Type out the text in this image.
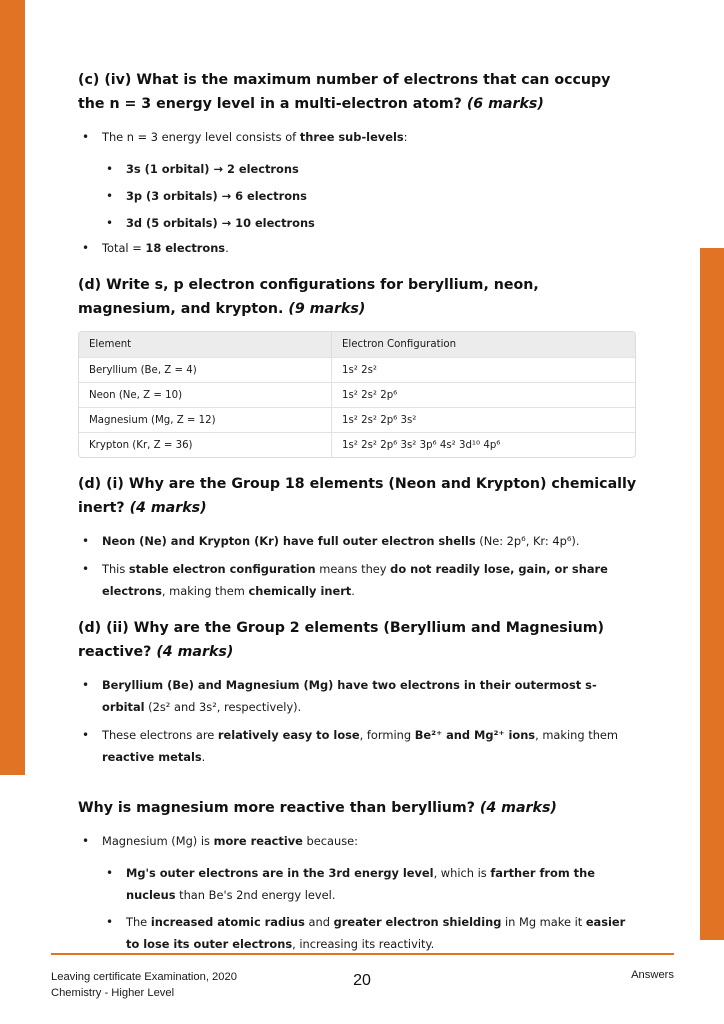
(c) (iv) What is the maximum number of electrons that can occupy the n = 3 energy level in a multi-electron atom? (6 marks)
• The n = 3 energy level consists of three sub-levels:
• 3s (1 orbital) → 2 electrons
• 3p (3 orbitals) → 6 electrons
• 3d (5 orbitals) → 10 electrons
• Total = 18 electrons.
(d) Write s, p electron configurations for beryllium, neon, magnesium, and krypton. (9 marks)
Element	Electron Configuration
Beryllium (Be, Z = 4)	1s² 2s²
Neon (Ne, Z = 10)	1s² 2s² 2p⁶
Magnesium (Mg, Z = 12)	1s² 2s² 2p⁶ 3s²
Krypton (Kr, Z = 36)	1s² 2s² 2p⁶ 3s² 3p⁶ 4s² 3d¹⁰ 4p⁶
(d) (i) Why are the Group 18 elements (Neon and Krypton) chemically inert? (4 marks)
• Neon (Ne) and Krypton (Kr) have full outer electron shells (Ne: 2p⁶, Kr: 4p⁶).
• This stable electron configuration means they do not readily lose, gain, or share electrons, making them chemically inert.
(d) (ii) Why are the Group 2 elements (Beryllium and Magnesium) reactive? (4 marks)
• Beryllium (Be) and Magnesium (Mg) have two electrons in their outermost s-orbital (2s² and 3s², respectively).
• These electrons are relatively easy to lose, forming Be²⁺ and Mg²⁺ ions, making them reactive metals.
Why is magnesium more reactive than beryllium? (4 marks)
• Magnesium (Mg) is more reactive because:
• Mg's outer electrons are in the 3rd energy level, which is farther from the nucleus than Be's 2nd energy level.
• The increased atomic radius and greater electron shielding in Mg make it easier to lose its outer electrons, increasing its reactivity.
Leaving certificate Examination, 2020
Chemistry - Higher Level
20	Answers
